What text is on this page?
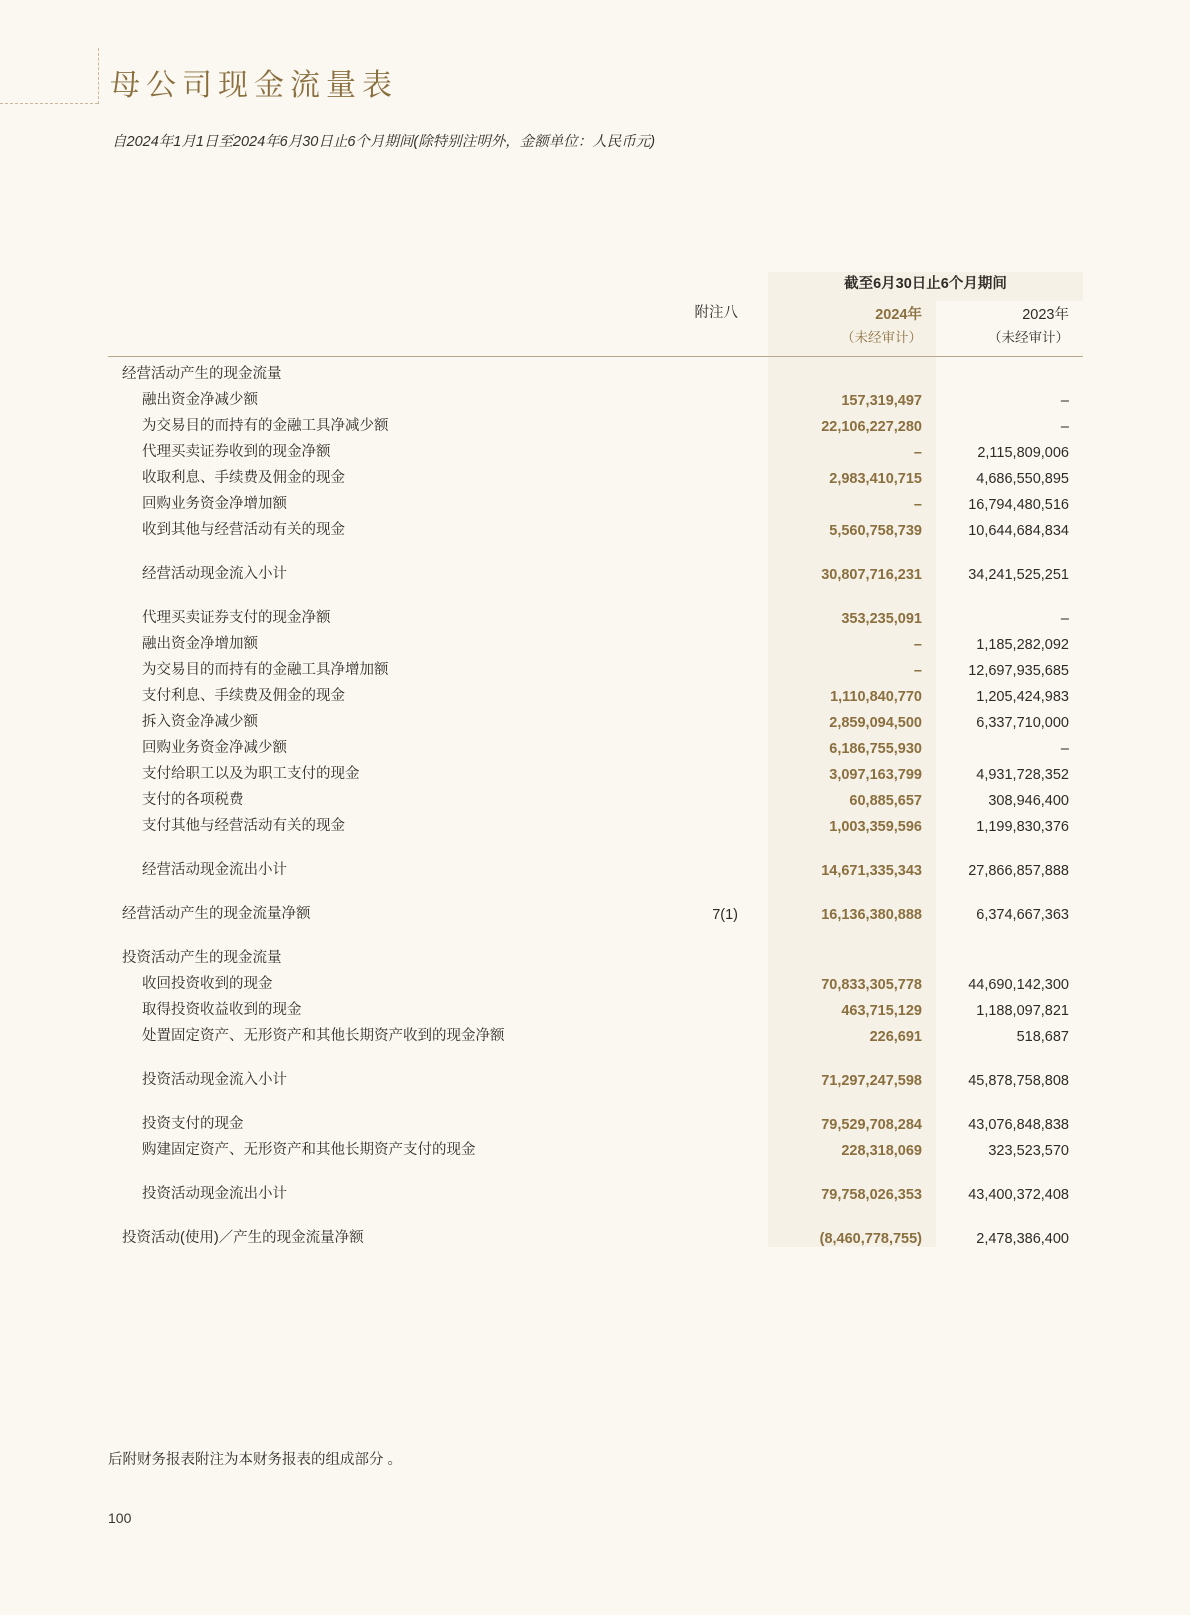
母公司现金流量表
自2024年1月1日至2024年6月30日止6个月期间(除特别注明外，金额单位：人民币元)
		截至6月30日止6个月期间	
	附注八	2024年	2023年
		（未经审计）	（未经审计）

经营活动产生的现金流量			
融出资金净减少额		157,319,497	–
为交易目的而持有的金融工具净减少额		22,106,227,280	–
代理买卖证券收到的现金净额		–	2,115,809,006
收取利息、手续费及佣金的现金		2,983,410,715	4,686,550,895
回购业务资金净增加额		–	16,794,480,516
收到其他与经营活动有关的现金		5,560,758,739	10,644,684,834

经营活动现金流入小计		30,807,716,231	34,241,525,251

代理买卖证券支付的现金净额		353,235,091	–
融出资金净增加额		–	1,185,282,092
为交易目的而持有的金融工具净增加额		–	12,697,935,685
支付利息、手续费及佣金的现金		1,110,840,770	1,205,424,983
拆入资金净减少额		2,859,094,500	6,337,710,000
回购业务资金净减少额		6,186,755,930	–
支付给职工以及为职工支付的现金		3,097,163,799	4,931,728,352
支付的各项税费		60,885,657	308,946,400
支付其他与经营活动有关的现金		1,003,359,596	1,199,830,376

经营活动现金流出小计		14,671,335,343	27,866,857,888

经营活动产生的现金流量净额	7(1)	16,136,380,888	6,374,667,363

投资活动产生的现金流量			
收回投资收到的现金		70,833,305,778	44,690,142,300
取得投资收益收到的现金		463,715,129	1,188,097,821
处置固定资产、无形资产和其他长期资产收到的现金净额		226,691	518,687

投资活动现金流入小计		71,297,247,598	45,878,758,808

投资支付的现金		79,529,708,284	43,076,848,838
购建固定资产、无形资产和其他长期资产支付的现金		228,318,069	323,523,570

投资活动现金流出小计		79,758,026,353	43,400,372,408

投资活动(使用)／产生的现金流量净额		(8,460,778,755)	2,478,386,400
后附财务报表附注为本财务报表的组成部分 。
100
